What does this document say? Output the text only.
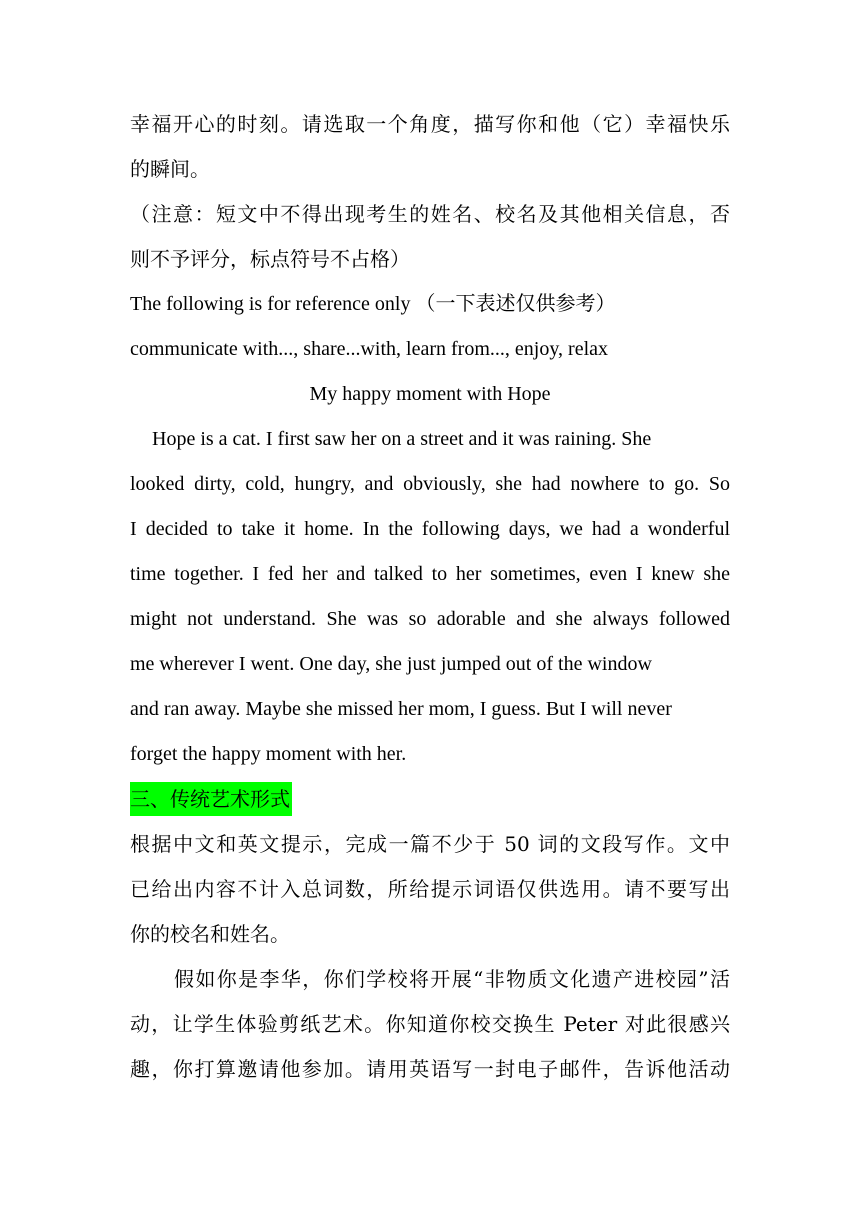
幸福开心的时刻。请选取一个角度，描写你和他（它）幸福快乐
的瞬间。
（注意：短文中不得出现考生的姓名、校名及其他相关信息，否
则不予评分，标点符号不占格）
The following is for reference only （一下表述仅供参考）
communicate with..., share...with, learn from..., enjoy, relax
My happy moment with Hope
Hope is a cat. I first saw her on a street and it was raining. She
looked dirty, cold, hungry, and obviously, she had nowhere to go. So
I decided to take it home. In the following days, we had a wonderful
time together. I fed her and talked to her sometimes, even I knew she
might not understand. She was so adorable and she always followed
me wherever I went. One day, she just jumped out of the window
and ran away. Maybe she missed her mom, I guess. But I will never
forget the happy moment with her.
三、传统艺术形式
根据中文和英文提示，完成一篇不少于 50 词的文段写作。文中
已给出内容不计入总词数，所给提示词语仅供选用。请不要写出
你的校名和姓名。
假如你是李华，你们学校将开展“非物质文化遗产进校园”活
动，让学生体验剪纸艺术。你知道你校交换生 Peter 对此很感兴
趣，你打算邀请他参加。请用英语写一封电子邮件，告诉他活动
